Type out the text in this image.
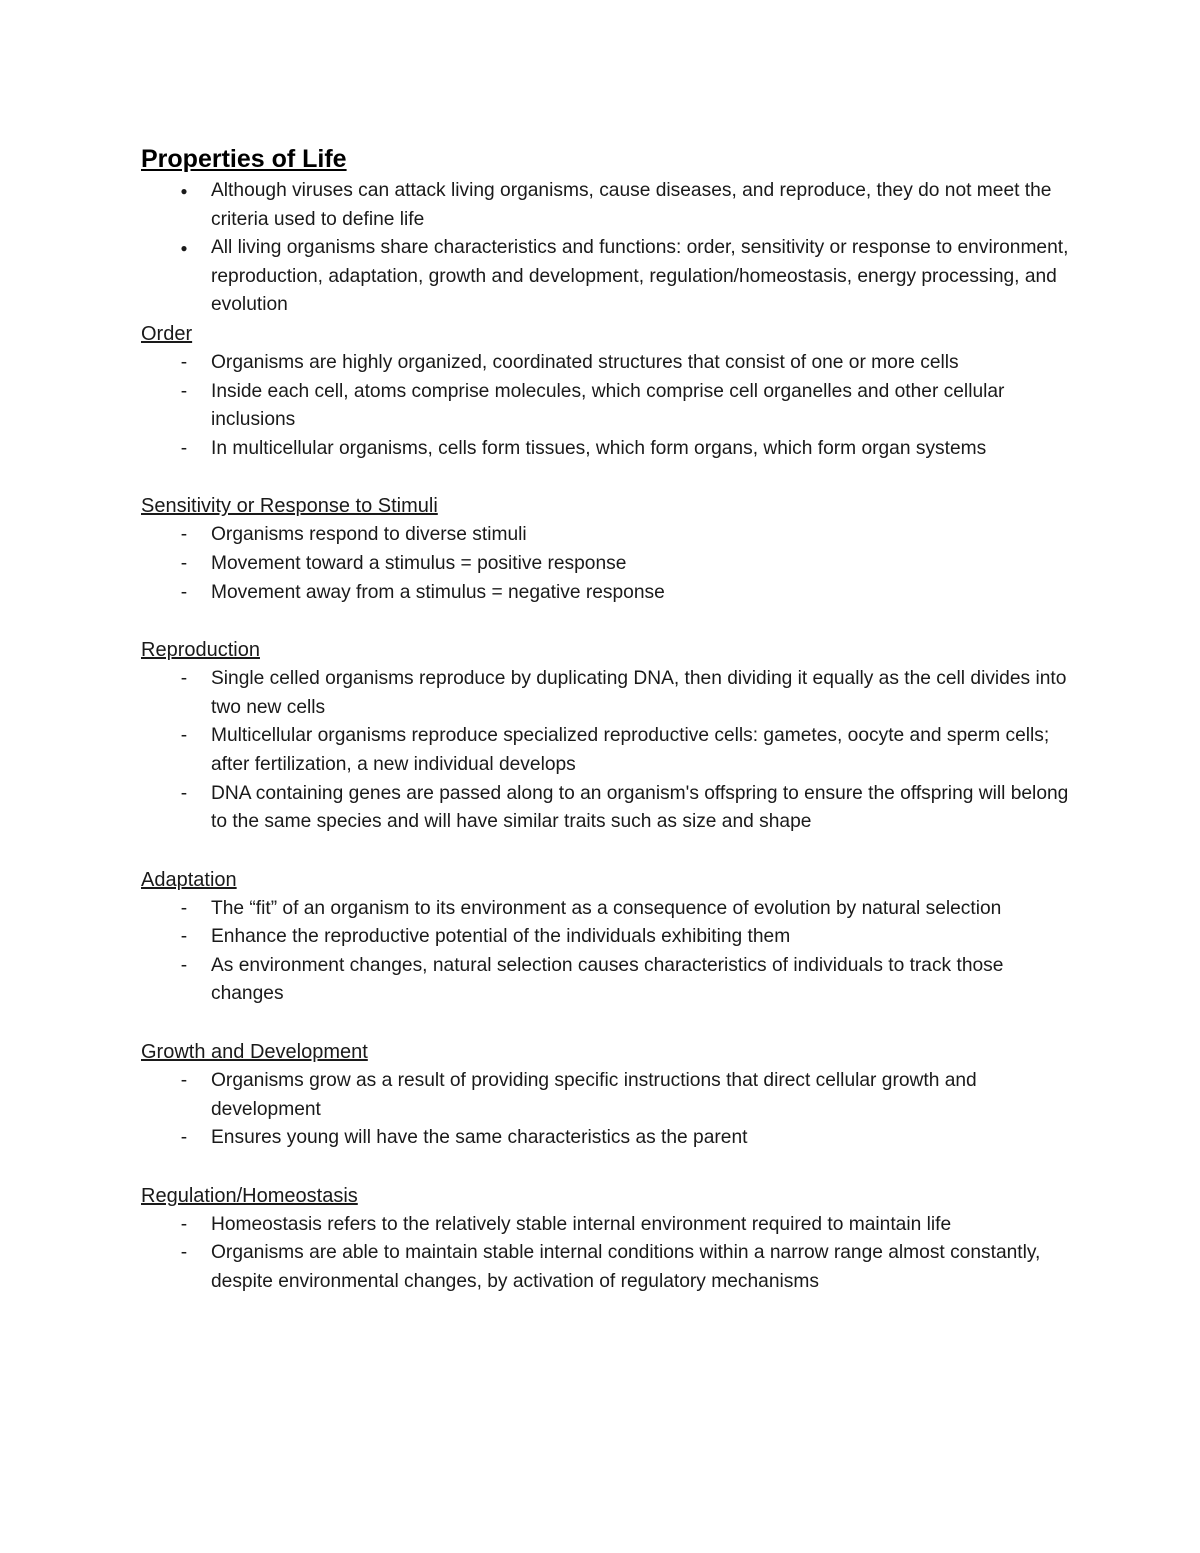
Properties of Life
●	Although viruses can attack living organisms, cause diseases, and reproduce, they do not meet the criteria used to define life
●	All living organisms share characteristics and functions: order, sensitivity or response to environment, reproduction, adaptation, growth and development, regulation/homeostasis, energy processing, and evolution
Order
-	Organisms are highly organized, coordinated structures that consist of one or more cells
-	Inside each cell, atoms comprise molecules, which comprise cell organelles and other cellular inclusions
-	In multicellular organisms, cells form tissues, which form organs, which form organ systems
Sensitivity or Response to Stimuli
-	Organisms respond to diverse stimuli
-	Movement toward a stimulus = positive response
-	Movement away from a stimulus = negative response
Reproduction
-	Single celled organisms reproduce by duplicating DNA, then dividing it equally as the cell divides into two new cells
-	Multicellular organisms reproduce specialized reproductive cells: gametes, oocyte and sperm cells; after fertilization, a new individual develops
-	DNA containing genes are passed along to an organism's offspring to ensure the offspring will belong to the same species and will have similar traits such as size and shape
Adaptation
-	The “fit” of an organism to its environment as a consequence of evolution by natural selection
-	Enhance the reproductive potential of the individuals exhibiting them
-	As environment changes, natural selection causes characteristics of individuals to track those changes
Growth and Development
-	Organisms grow as a result of providing specific instructions that direct cellular growth and development
-	Ensures young will have the same characteristics as the parent
Regulation/Homeostasis
-	Homeostasis refers to the relatively stable internal environment required to maintain life
-	Organisms are able to maintain stable internal conditions within a narrow range almost constantly, despite environmental changes, by activation of regulatory mechanisms
